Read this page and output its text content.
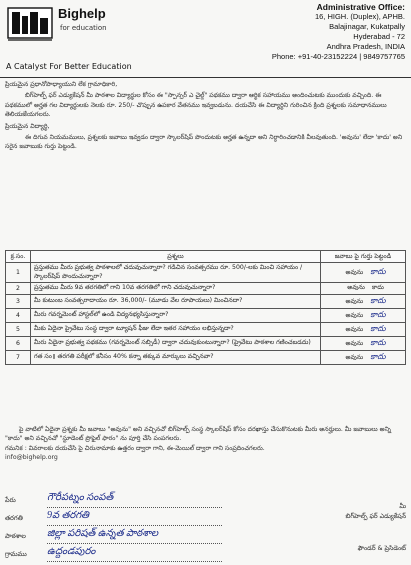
Bighelp
for education
A Catalyst For Better Education
Administrative Office:
16, HIGH. (Duplex), APHB.
Balajinagar, Kukatpally
Hyderabad - 72
Andhra Pradesh, INDIA
Phone: +91-40-23152224 | 9849757765

ప్రియమైన ప్రధానోపాధ్యాయుని లేక గ్రామాధికారి,

బిగ్‌హెల్ప్ ఫర్ ఎడ్యుకేషన్ మీ పాఠశాల విద్యార్థుల కోసం ఈ "స్పాన్సర్ ఎ చైల్డ్" పథకము ద్వారా ఆర్థిక సహాయము అందించుటకు ముందుకు వచ్చింది. ఈ పథకములో అర్హత గల విద్యార్థులకు నెలకు రూ. 250/- చొప్పున ఉపకార వేతనము ఇవ్వబడును. దయచేసి ఈ విద్యార్థిని గురించిన క్రింది ప్రశ్నలకు సమాధానములు తెలియజేయగలరు.

ప్రియమైన విద్యార్థి,

ఈ దిగువ నియమములు, ప్రశ్నలకు జవాబు ఇవ్వడం ద్వారా స్కాలర్‌షిప్ పొందుటకు అర్హత ఉన్నదా అని నిర్ధారించడానికి వీలవుతుంది. 'అవును' లేదా 'కాదు' అని సరైన జవాబుకు గుర్తు పెట్టండి.

క్ర.సం.	ప్రశ్నలు	జవాబు పై గుర్తు పెట్టండి
1	ప్రస్తుతము మీరు ప్రభుత్వ పాఠశాలలో చదువుచున్నారా? గడిచిన సంవత్సరము రూ. 500/-లకు మించి సహాయం / స్కాలర్‌షిప్ పొందుచున్నారా?	అవును కాదు
2	ప్రస్తుతము మీరు 9వ తరగతిలో గాని 10వ తరగతిలో గాని చదువుచున్నారా?	అవును కాదు
3	మీ కుటుంబ సంవత్సరాదాయం రూ. 36,000/- (మూడు వేల రూపాయలు) మించినదా?	అవును కాదు
4	మీరు గవర్నమెంట్ హాస్టల్‌లో ఉండి విద్యనభ్యసిస్తున్నారా?	అవును కాదు
5	మీకు ఏదైనా ప్రైవేటు సంస్థ ద్వారా ట్యూషన్ ఫీజు లేదా ఇతర సహాయం లభిస్తున్నదా?	అవును కాదు
6	మీరు ఏదైనా ప్రభుత్వ పథకము (గవర్నమెంట్ సబ్సిడీ) ద్వారా చదువుకుంటున్నారా? (ప్రైవేటు పాఠశాల గణించబడదు)	అవును కాదు
7	గత సం॥ తరగతి పరీక్షలో కనీసం 40% కన్నా తక్కువ మార్కులు వచ్చినవా?	అవును కాదు

పై వాటిలో ఏదైనా ప్రశ్నకు మీ జవాబు "అవును" అని వచ్చినచో బిగ్‌హెల్ప్ సంస్థ స్కాలర్‌షిప్ కోసం దరఖాస్తు చేసుకొనుటకు మీరు అనర్హులు. మీ జవాబులు అన్ని "కాదు" అని వచ్చినచో "స్టూడెంట్ ప్రొఫైల్ ఫారం" ను పూర్తి చేసి పంపగలరు.

గమనిక : వివరాలకు దయచేసి పై చిరునామాకు ఉత్తరం ద్వారా గాని, ఈ-మెయిల్ ద్వారా గాని సంప్రదించగలరు.

info@bighelp.org

పేరు	గౌరీపట్నం సంపత్
తరగతి	9వ తరగతి
పాఠశాల	జిల్లా పరిషత్ ఉన్నత పాఠశాల
గ్రామము	ఉద్దండపురం
మీ
బిగ్‌హెల్ప్ ఫర్ ఎడ్యుకేషన్
ఫౌండర్ & ప్రెసిడెంట్
